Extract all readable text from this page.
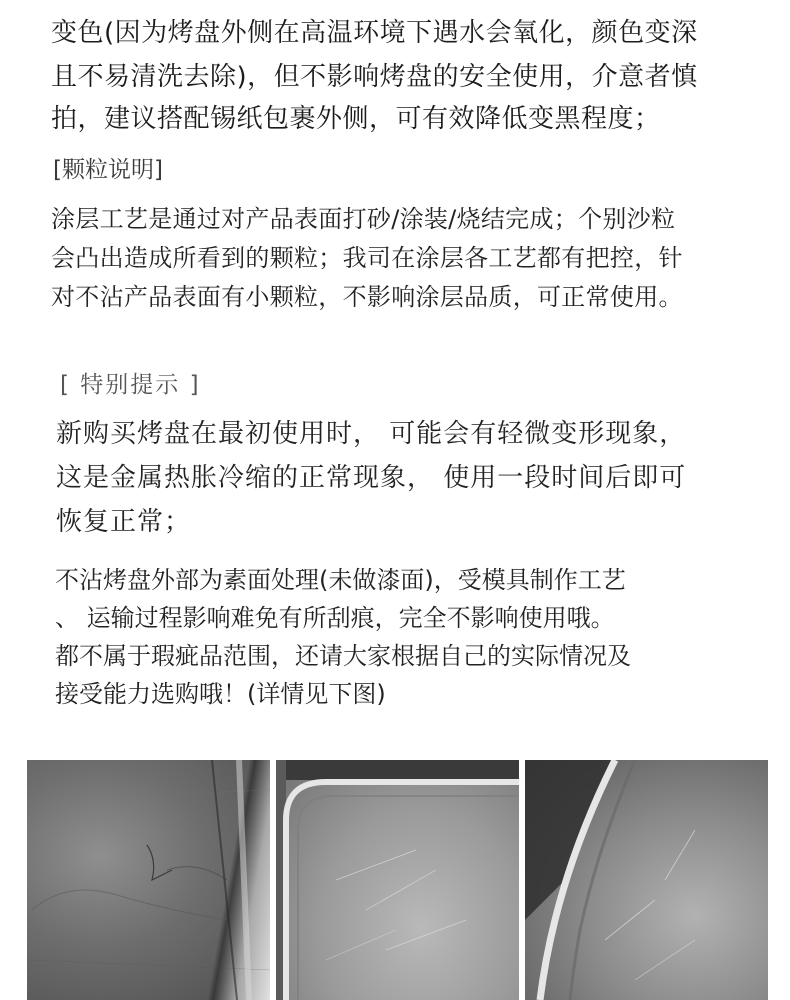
变色(因为烤盘外侧在高温环境下遇水会氧化，颜色变深
且不易清洗去除)，但不影响烤盘的安全使用，介意者慎
拍，建议搭配锡纸包裹外侧，可有效降低变黑程度；
[颗粒说明]
涂层工艺是通过对产品表面打砂/涂装/烧结完成；个别沙粒
会凸出造成所看到的颗粒；我司在涂层各工艺都有把控，针
对不沾产品表面有小颗粒，不影响涂层品质，可正常使用。
[ 特别提示 ]
新购买烤盘在最初使用时， 可能会有轻微变形现象，
这是金属热胀冷缩的正常现象， 使用一段时间后即可
恢复正常；
不沾烤盘外部为素面处理(未做漆面)，受模具制作工艺
、 运输过程影响难免有所刮痕，完全不影响使用哦。
都不属于瑕疵品范围，还请大家根据自己的实际情况及
接受能力选购哦！(详情见下图)
